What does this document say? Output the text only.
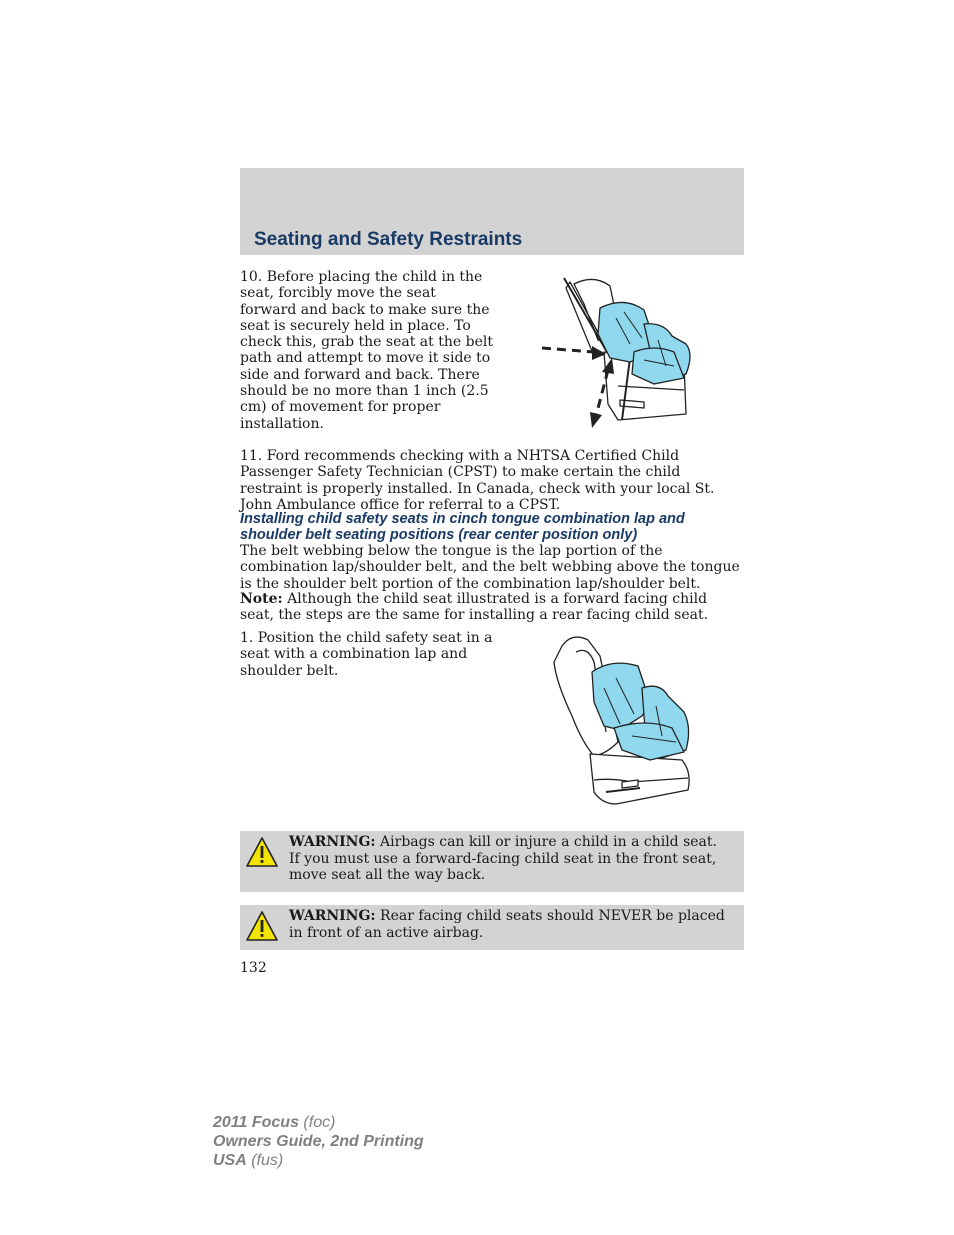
Seating and Safety Restraints

10. Before placing the child in the seat, forcibly move the seat forward and back to make sure the seat is securely held in place. To check this, grab the seat at the belt path and attempt to move it side to side and forward and back. There should be no more than 1 inch (2.5 cm) of movement for proper installation.

11. Ford recommends checking with a NHTSA Certified Child Passenger Safety Technician (CPST) to make certain the child restraint is properly installed. In Canada, check with your local St. John Ambulance office for referral to a CPST.

Installing child safety seats in cinch tongue combination lap and shoulder belt seating positions (rear center position only)

The belt webbing below the tongue is the lap portion of the combination lap/shoulder belt, and the belt webbing above the tongue is the shoulder belt portion of the combination lap/shoulder belt.

Note: Although the child seat illustrated is a forward facing child seat, the steps are the same for installing a rear facing child seat.

1. Position the child safety seat in a seat with a combination lap and shoulder belt.

WARNING: Airbags can kill or injure a child in a child seat. If you must use a forward-facing child seat in the front seat, move seat all the way back.
WARNING: Rear facing child seats should NEVER be placed in front of an active airbag.
132
2011 Focus (foc)
Owners Guide, 2nd Printing
USA (fus)
